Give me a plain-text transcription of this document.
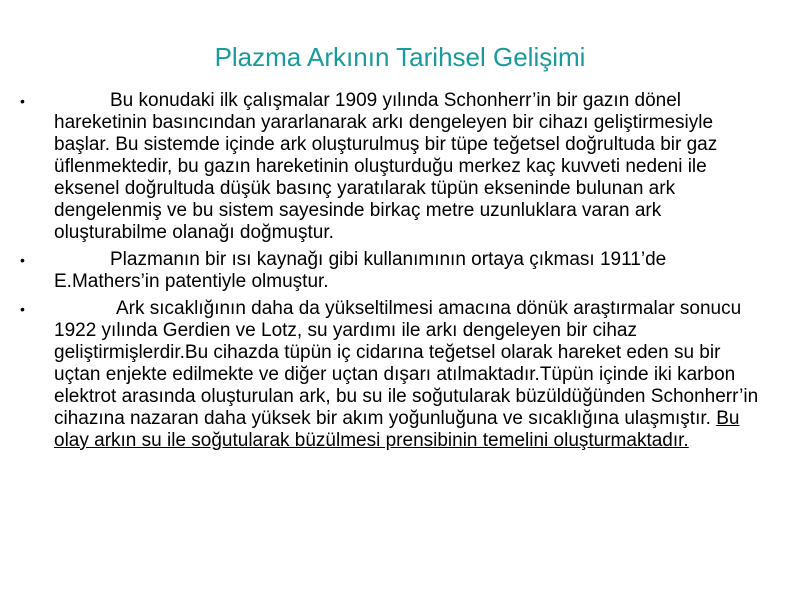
Plazma Arkının Tarihsel Gelişimi
•	Bu konudaki ilk çalışmalar 1909 yılında Schonherr’in bir gazın dönel hareketinin basıncından yararlanarak arkı dengeleyen bir cihazı geliştirmesiyle başlar. Bu sistemde içinde ark oluşturulmuş bir tüpe teğetsel doğrultuda bir gaz üflenmektedir, bu gazın hareketinin oluşturduğu merkez kaç kuvveti nedeni ile eksenel doğrultuda düşük basınç yaratılarak tüpün ekseninde bulunan ark dengelenmiş ve bu sistem sayesinde birkaç metre uzunluklara varan ark oluşturabilme olanağı doğmuştur.
•	Plazmanın bir ısı kaynağı gibi kullanımının ortaya çıkması 1911’de E.Mathers’in patentiyle olmuştur.
•	Ark sıcaklığının daha da yükseltilmesi amacına dönük araştırmalar sonucu 1922 yılında Gerdien ve Lotz, su yardımı ile arkı dengeleyen bir cihaz geliştirmişlerdir.Bu cihazda tüpün iç cidarına teğetsel olarak hareket eden su bir uçtan enjekte edilmekte ve diğer uçtan dışarı atılmaktadır.Tüpün içinde iki karbon elektrot arasında oluşturulan ark, bu su ile soğutularak büzüldüğünden Schonherr’in cihazına nazaran daha yüksek bir akım yoğunluğuna ve sıcaklığına ulaşmıştır. Bu olay arkın su ile soğutularak büzülmesi prensibinin temelini oluşturmaktadır.
